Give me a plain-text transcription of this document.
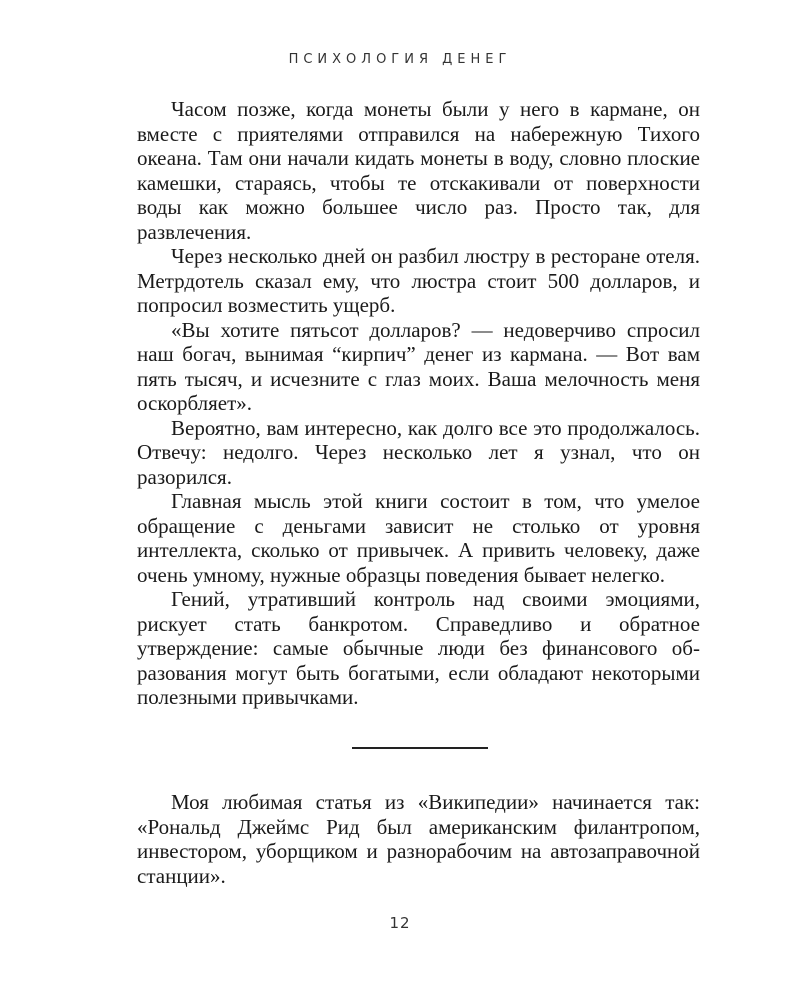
ПСИХОЛОГИЯ ДЕНЕГ

Часом позже, когда монеты были у него в кармане, он вместе с приятелями отправился на набережную Тихого океана. Там они начали кидать монеты в воду, словно плоские камешки, стараясь, чтобы те отскакивали от поверхности воды как можно большее число раз. Просто так, для развлечения.

Через несколько дней он разбил люстру в ресторане отеля. Метрдотель сказал ему, что люстра стоит 500 долларов, и попросил возместить ущерб.

«Вы хотите пятьсот долларов? — недоверчиво спросил наш богач, вынимая “кирпич” денег из кармана. — Вот вам пять тысяч, и исчезните с глаз моих. Ваша мелочность меня оскорбляет».

Вероятно, вам интересно, как долго все это продолжалось. Отвечу: недолго. Через несколько лет я узнал, что он разорился.

Главная мысль этой книги состоит в том, что умелое обращение с деньгами зависит не столько от уровня интеллекта, сколько от привычек. А привить человеку, даже очень умному, нужные образцы поведения бывает нелегко.

Гений, утративший контроль над своими эмоциями, рискует стать банкротом. Справедливо и обратное утверждение: самые обычные люди без финансового образования могут быть богатыми, если обладают некоторыми полезными привычками.

Моя любимая статья из «Википедии» начинается так: «Рональд Джеймс Рид был американским филантропом, инвестором, уборщиком и разнорабочим на автозаправочной станции».

12
